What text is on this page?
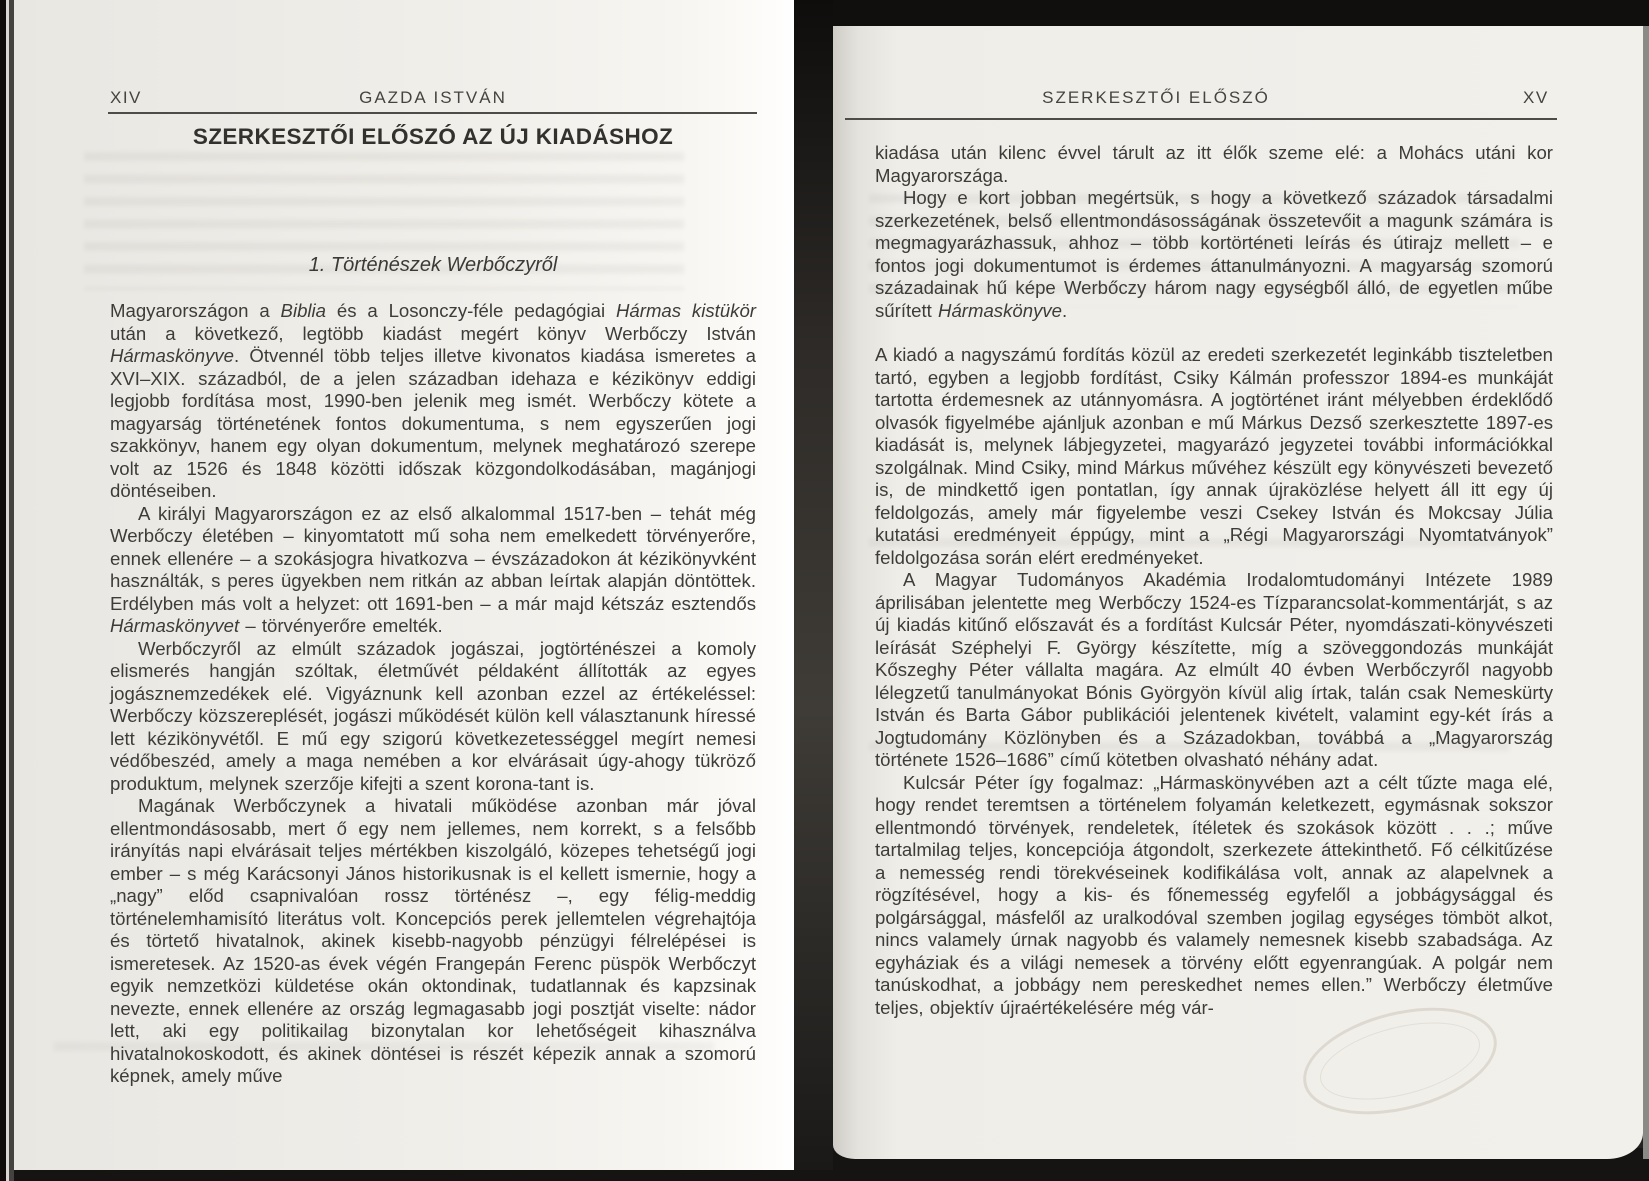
XIV	GAZDA ISTVÁN
SZERKESZTŐI ELŐSZÓ AZ ÚJ KIADÁSHOZ
1. Történészek Werbőczyről

Magyarországon a Biblia és a Losonczy-féle pedagógiai Hármas kistükör után a következő, legtöbb kiadást megért könyv Werbőczy István Hármaskönyve. Ötvennél több teljes illetve kivonatos kiadása ismeretes a XVI–XIX. századból, de a jelen században idehaza e kézikönyv eddigi legjobb fordítása most, 1990-ben jelenik meg ismét. Werbőczy kötete a magyarság történetének fontos dokumentuma, s nem egyszerűen jogi szakkönyv, hanem egy olyan dokumentum, melynek meghatározó szerepe volt az 1526 és 1848 közötti időszak közgondolkodásában, magánjogi döntéseiben.

A királyi Magyarországon ez az első alkalommal 1517-ben – tehát még Werbőczy életében – kinyomtatott mű soha nem emelkedett törvényerőre, ennek ellenére – a szokásjogra hivatkozva – évszázadokon át kézikönyvként használták, s peres ügyekben nem ritkán az abban leírtak alapján döntöttek. Erdélyben más volt a helyzet: ott 1691-ben – a már majd kétszáz esztendős Hármaskönyvet – törvényerőre emelték.

Werbőczyről az elmúlt századok jogászai, jogtörténészei a komoly elismerés hangján szóltak, életművét példaként állították az egyes jogásznemzedékek elé. Vigyáznunk kell azonban ezzel az értékeléssel: Werbőczy közszereplését, jogászi működését külön kell választanunk híressé lett kézikönyvétől. E mű egy szigorú következetességgel megírt nemesi védőbeszéd, amely a maga nemében a kor elvárásait úgy-ahogy tükröző produktum, melynek szerzője kifejti a szent korona-tant is.

Magának Werbőczynek a hivatali működése azonban már jóval ellentmondásosabb, mert ő egy nem jellemes, nem korrekt, s a felsőbb irányítás napi elvárásait teljes mértékben kiszolgáló, közepes tehetségű jogi ember – s még Karácsonyi János historikusnak is el kellett ismernie, hogy a „nagy” előd csapnivalóan rossz történész –, egy félig-meddig történelemhamisító literátus volt. Koncepciós perek jellemtelen végrehajtója és törtető hivatalnok, akinek kisebb-nagyobb pénzügyi félrelépései is ismeretesek. Az 1520-as évek végén Frangepán Ferenc püspök Werbőczyt egyik nemzetközi küldetése okán oktondinak, tudatlannak és kapzsinak nevezte, ennek ellenére az ország legmagasabb jogi posztját viselte: nádor lett, aki egy politikailag bizonytalan kor lehetőségeit kihasználva hivatalnokoskodott, és akinek döntései is részét képezik annak a szomorú képnek, amely műve

SZERKESZTŐI ELŐSZÓ	XV

kiadása után kilenc évvel tárult az itt élők szeme elé: a Mohács utáni kor Magyarországa.

Hogy e kort jobban megértsük, s hogy a következő századok társadalmi szerkezetének, belső ellentmondásosságának összetevőit a magunk számára is megmagyarázhassuk, ahhoz – több kortörténeti leírás és útirajz mellett – e fontos jogi dokumentumot is érdemes áttanulmányozni. A magyarság szomorú századainak hű képe Werbőczy három nagy egységből álló, de egyetlen műbe sűrített Hármaskönyve.

A kiadó a nagyszámú fordítás közül az eredeti szerkezetét leginkább tiszteletben tartó, egyben a legjobb fordítást, Csiky Kálmán professzor 1894-es munkáját tartotta érdemesnek az utánnyomásra. A jogtörténet iránt mélyebben érdeklődő olvasók figyelmébe ajánljuk azonban e mű Márkus Dezső szerkesztette 1897-es kiadását is, melynek lábjegyzetei, magyarázó jegyzetei további információkkal szolgálnak. Mind Csiky, mind Márkus művéhez készült egy könyvészeti bevezető is, de mindkettő igen pontatlan, így annak újraközlése helyett áll itt egy új feldolgozás, amely már figyelembe veszi Csekey István és Mokcsay Júlia kutatási eredményeit éppúgy, mint a „Régi Magyarországi Nyomtatványok” feldolgozása során elért eredményeket.

A Magyar Tudományos Akadémia Irodalomtudományi Intézete 1989 áprilisában jelentette meg Werbőczy 1524-es Tízparancsolat-kommentárját, s az új kiadás kitűnő előszavát és a fordítást Kulcsár Péter, nyomdászati-könyvészeti leírását Széphelyi F. György készítette, míg a szöveggondozás munkáját Kőszeghy Péter vállalta magára. Az elmúlt 40 évben Werbőczyről nagyobb lélegzetű tanulmányokat Bónis Györgyön kívül alig írtak, talán csak Nemeskürty István és Barta Gábor publikációi jelentenek kivételt, valamint egy-két írás a Jogtudomány Közlönyben és a Századokban, továbbá a „Magyarország története 1526–1686” című kötetben olvasható néhány adat.

Kulcsár Péter így fogalmaz: „Hármaskönyvében azt a célt tűzte maga elé, hogy rendet teremtsen a történelem folyamán keletkezett, egymásnak sokszor ellentmondó törvények, rendeletek, ítéletek és szokások között . . .; műve tartalmilag teljes, koncepciója átgondolt, szerkezete áttekinthető. Fő célkitűzése a nemesség rendi törekvéseinek kodifikálása volt, annak az alapelvnek a rögzítésével, hogy a kis- és főnemesség egyfelől a jobbágysággal és polgársággal, másfelől az uralkodóval szemben jogilag egységes tömböt alkot, nincs valamely úrnak nagyobb és valamely nemesnek kisebb szabadsága. Az egyháziak és a világi nemesek a törvény előtt egyenrangúak. A polgár nem tanúskodhat, a jobbágy nem pereskedhet nemes ellen.” Werbőczy életműve teljes, objektív újraértékelésére még vár-
